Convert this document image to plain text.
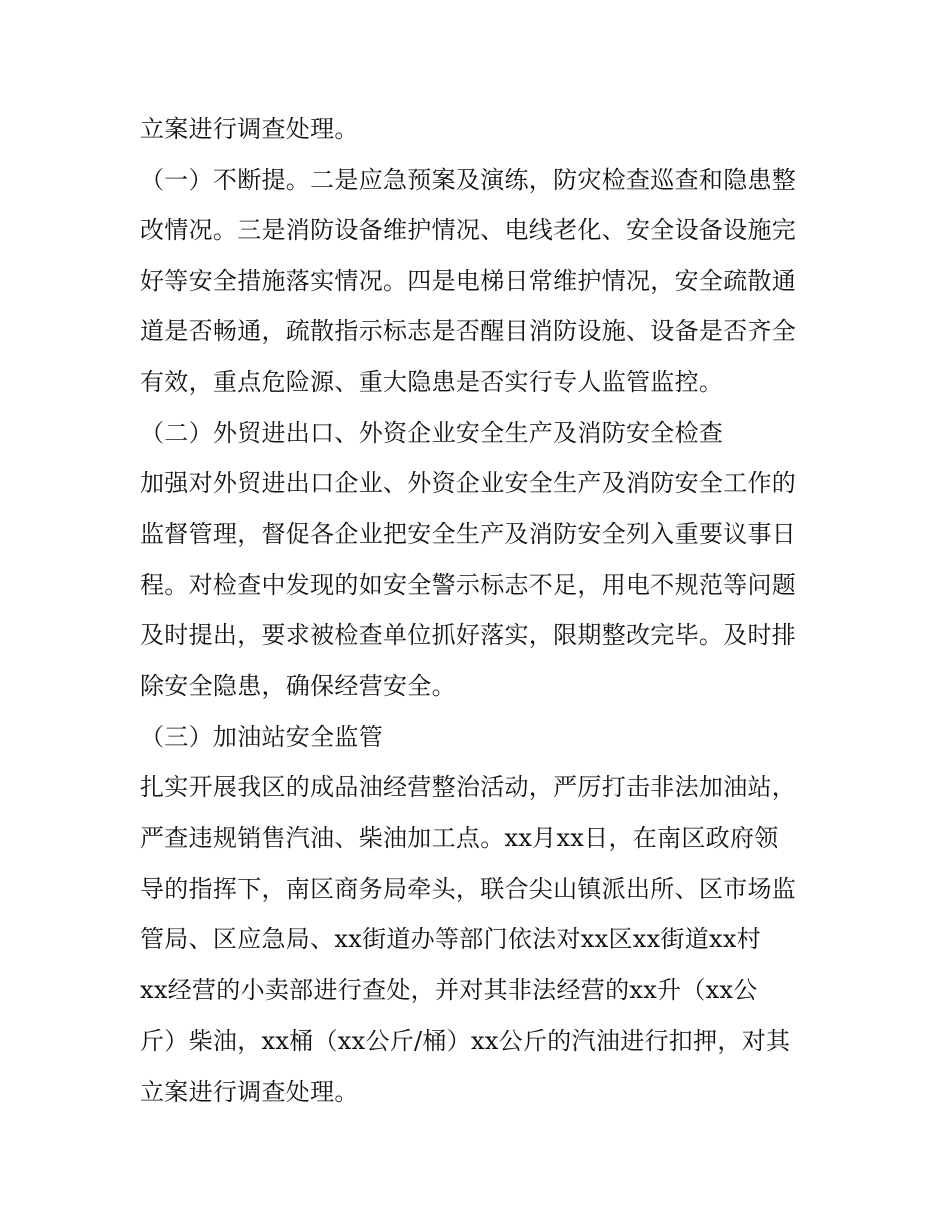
立案进行调查处理。
（一）不断提。二是应急预案及演练，防灾检查巡查和隐患整
改情况。三是消防设备维护情况、电线老化、安全设备设施完
好等安全措施落实情况。四是电梯日常维护情况，安全疏散通
道是否畅通，疏散指示标志是否醒目消防设施、设备是否齐全
有效，重点危险源、重大隐患是否实行专人监管监控。
（二）外贸进出口、外资企业安全生产及消防安全检查
加强对外贸进出口企业、外资企业安全生产及消防安全工作的
监督管理，督促各企业把安全生产及消防安全列入重要议事日
程。对检查中发现的如安全警示标志不足，用电不规范等问题
及时提出，要求被检查单位抓好落实，限期整改完毕。及时排
除安全隐患，确保经营安全。
（三）加油站安全监管
扎实开展我区的成品油经营整治活动，严厉打击非法加油站，
严查违规销售汽油、柴油加工点。xx月xx日，在南区政府领
导的指挥下，南区商务局牵头，联合尖山镇派出所、区市场监
管局、区应急局、xx街道办等部门依法对xx区xx街道xx村
xx经营的小卖部进行查处，并对其非法经营的xx升（xx公
斤）柴油，xx桶（xx公斤/桶）xx公斤的汽油进行扣押，对其
立案进行调查处理。
